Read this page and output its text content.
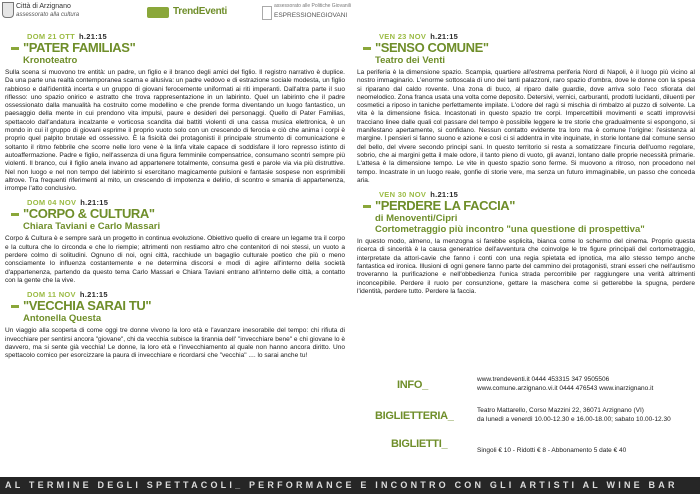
Città di Arzignano
assessorato alla cultura	TrendEventi	assessorato alle Politiche Giovanili
ESPRESSIONEGIOVANI
DOM 21 OTT h.21:15
"PATER FAMILIAS"
Kronoteatro
Sulla scena si muovono tre entità: un padre, un figlio e il branco degli amici del figlio. Il registro narrativo è duplice. Da una parte una realtà contemporanea scarna e allusiva: un padre vedovo e di estrazione sociale modesta, un figlio rabbioso e dall'identità incerta e un gruppo di giovani ferocemente uniformati ai riti imperanti. Dall'altra parte il suo riflesso: uno spazio onirico e astratto che trova rappresentazione in un labirinto. Quel un labirinto che il padre ossessionato dalla manualità ha costruito come modellino e che prende forma diventando un luogo fantastico, un paesaggio della mente in cui prendono vita impulsi, paure e desideri dei personaggi. Quello di Pater Familias, spettacolo dall'andatura incalzante e vorticosa scandita dai battiti violenti di una cassa musica elettronica, è un mondo in cui il gruppo di giovani esprime il proprio vuoto solo con un crescendo di ferocia e ciò che anima i corpi è proprio quel palpito brutale ed ossessivo. È la fisicità dei protagonisti il principale strumento di comunicazione e soltanto il ritmo febbrile che scorre nelle loro vene è la linfa vitale capace di soddisfare il loro represso istinto di autoaffermazione. Padre e figlio, nell'assenza di una figura femminile compensatrice, consumano scontri sempre più violenti. Il branco, cui il figlio anela invano ad appartenere totalmente, consuma gesti e parole via via più distruttive. Nel non luogo e nel non tempo del labirinto si esercitano magicamente pulsioni e fantasie sospese non esprimibili altrove. Tra frequenti riferimenti al mito, un crescendo di impotenza e delirio, di scontro e smania di appartenenza, irrompe l'atto conclusivo.
DOM 04 NOV h.21:15
"CORPO & CULTURA"
Chiara Taviani e Carlo Massari
Corpo & Cultura è e sempre sarà un progetto in continua evoluzione. Obiettivo quello di creare un legame tra il corpo e la cultura che lo circonda e che lo riempie; altrimenti non restiamo altro che contenitori di noi stessi, un vuoto a perdere colmo di solitudini. Ognuno di noi, ogni città, racchiude un bagaglio culturale poetico che più o meno consciamente lo influenza costantemente e ne determina discorsi e modi di agire all'interno della società d'appartenenza, partendo da questo tema Carlo Massari e Chiara Taviani entrano all'interno delle città, a contatto con la gente che la vive.
DOM 11 NOV h.21:15
"VECCHIA SARAI TU"
Antonella Questa
Un viaggio alla scoperta di come oggi tre donne vivono la loro età e l'avanzare inesorabile del tempo: chi rifiuta di invecchiare per sentirsi ancora "giovane", chi da vecchia subisce la tirannia dell' "invecchiare bene" e chi giovane lo è davvero, ma si sente già vecchia! Le donne, la loro età e l'invecchiamento al quale non hanno ancora diritto. Uno spettacolo comico per esorcizzare la paura di invecchiare e ricordarsi che "vecchia" .... lo sarai anche tu!
VEN 23 NOV h.21:15
"SENSO COMUNE"
Teatro dei Venti
La periferia è la dimensione spazio. Scampia, quartiere all'estrema periferia Nord di Napoli, è il luogo più vicino al nostro immaginario. L'enorme sottoscala di uno dei tanti palazzoni, raro spazio d'ombra, dove le donne con la spesa si riparano dal caldo rovente. Una zona di buco, al riparo dalle guardie, dove arriva solo l'eco sfiorata del neomelodico. Zona franca usata una volta come deposito. Detersivi, vernici, carburanti, prodotti lucidanti, diluenti per cosmetici a riposo in taniche perfettamente impilate. L'odore del ragù si mischia di rimbalzo al puzzo di solvente. La vita è la dimensione fisica. Incastonati in questo spazio tre corpi. Impercettibili movimenti e scatti improvvisi tracciano linee dalle quali col passare del tempo è possibile leggere le tre storie che gradualmente si espongono, si manifestano apertamente, si confidano. Nessun contatto evidente tra loro ma è comune l'origine: l'esistenza al margine. I pensieri si fanno suono e azione e così ci si addentra in vite inquinate, in storie lontane dal comune senso del bello, del vivere secondo principi sani. In questo territorio si resta a somatizzare l'incuria dell'uomo regolare, sobrio, che ai margini getta il male odore, il tanto pieno di vuoto, gli avanzi, lontano dalle proprie necessità primarie. L'attesa è la dimensione tempo. Le vite in questo spazio sono ferme. Si muovono a ritroso, non procedono nel tempo. Incastrate in un luogo reale, gonfie di storie vere, ma senza un futuro immaginabile, un passo che conceda aria.
VEN 30 NOV h.21:15
"PERDERE LA FACCIA"
di Menoventi/Cipri
Cortometraggio più incontro "una questione di prospettiva"
In questo modo, almeno, la menzogna si farebbe esplicita, bianca come lo schermo del cinema. Proprio questa ricerca di sincerità è la causa generatrice dell'avventura che coinvolge le tre figure principali del cortometraggio, interpretate da attori-cavie che fanno i conti con una regia spietata ed ipnotica, ma allo stesso tempo anche fantastica ed ironica. Illusioni di ogni genere fanno parte del cammino dei protagonisti, strani esseri che nell'autismo troveranno la purificazione e nell'obbedienza l'unica strada percorribile per raggiungere una verità altrimenti inconcepibile. Perdere il ruolo per consunzione, gettare la maschera come si getterebbe la spugna, perdere l'identità, perdere tutto. Perdere la faccia.
INFO_	www.trendeventi.it 0444 453315 347 9505506
www.comune.arzignano.vi.it 0444 476543 www.inarzignano.it
BIGLIETTERIA_	Teatro Mattarello, Corso Mazzini 22, 36071 Arzignano (VI)
da lunedì a venerdì 10.00-12.30 e 16.00-18.00; sabato 10.00-12.30
BIGLIETTI_
Singoli € 10 - Ridotti € 8 - Abbonamento 5 date € 40
AL TERMINE DEGLI SPETTACOLI_ PERFORMANCE E INCONTRO CON GLI ARTISTI AL WINE BAR
